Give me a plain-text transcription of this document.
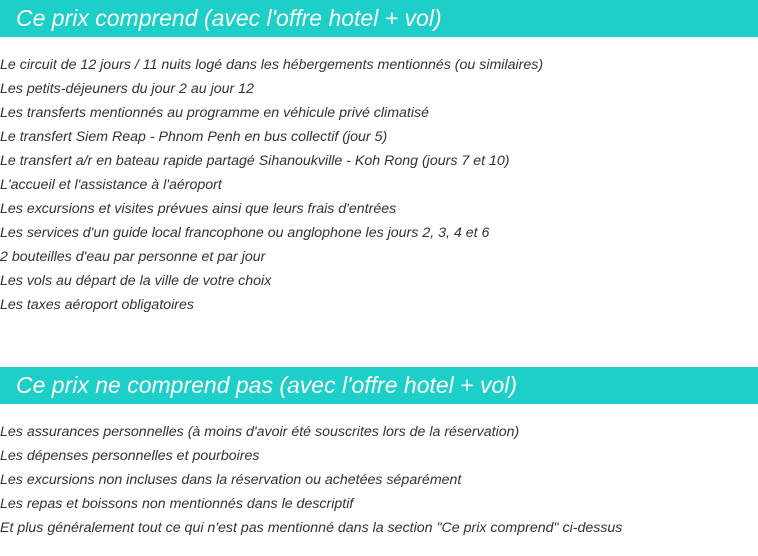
Ce prix comprend (avec l'offre hotel + vol)
Le circuit de 12 jours / 11 nuits logé dans les hébergements mentionnés (ou similaires)
Les petits-déjeuners du jour 2 au jour 12
Les transferts mentionnés au programme en véhicule privé climatisé
Le transfert Siem Reap - Phnom Penh en bus collectif (jour 5)
Le transfert a/r en bateau rapide partagé Sihanoukville - Koh Rong (jours 7 et 10)
L'accueil et l'assistance à l'aéroport
Les excursions et visites prévues ainsi que leurs frais d'entrées
Les services d'un guide local francophone ou anglophone les jours 2, 3, 4 et 6
2 bouteilles d'eau par personne et par jour
Les vols au départ de la ville de votre choix
Les taxes aéroport obligatoires
Ce prix ne comprend pas (avec l'offre hotel + vol)
Les assurances personnelles (à moins d'avoir été souscrites lors de la réservation)
Les dépenses personnelles et pourboires
Les excursions non incluses dans la réservation ou achetées séparément
Les repas et boissons non mentionnés dans le descriptif
Et plus généralement tout ce qui n'est pas mentionné dans la section "Ce prix comprend" ci-dessus
